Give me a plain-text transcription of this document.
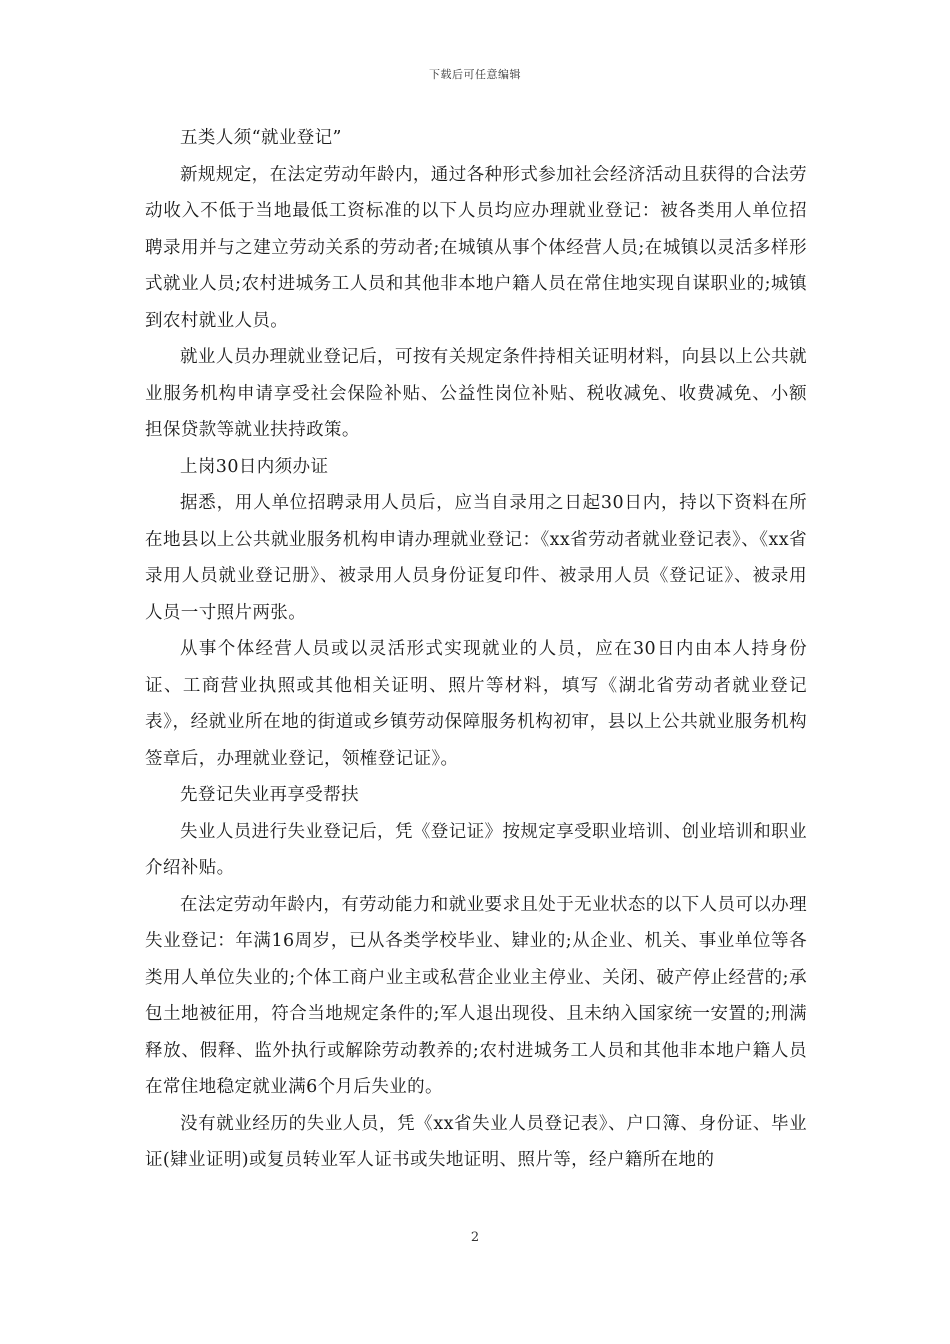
下载后可任意编辑

五类人须“就业登记”

新规规定，在法定劳动年龄内，通过各种形式参加社会经济活动且获得的合法劳动收入不低于当地最低工资标准的以下人员均应办理就业登记：被各类用人单位招聘录用并与之建立劳动关系的劳动者;在城镇从事个体经营人员;在城镇以灵活多样形式就业人员;农村进城务工人员和其他非本地户籍人员在常住地实现自谋职业的;城镇到农村就业人员。

就业人员办理就业登记后，可按有关规定条件持相关证明材料，向县以上公共就业服务机构申请享受社会保险补贴、公益性岗位补贴、税收减免、收费减免、小额担保贷款等就业扶持政策。

上岗30日内须办证

据悉，用人单位招聘录用人员后，应当自录用之日起30日内，持以下资料在所在地县以上公共就业服务机构申请办理就业登记：《xx省劳动者就业登记表》、《xx省录用人员就业登记册》、被录用人员身份证复印件、被录用人员《登记证》、被录用人员一寸照片两张。

从事个体经营人员或以灵活形式实现就业的人员，应在30日内由本人持身份证、工商营业执照或其他相关证明、照片等材料，填写《湖北省劳动者就业登记表》，经就业所在地的街道或乡镇劳动保障服务机构初审，县以上公共就业服务机构签章后，办理就业登记，领榷登记证》。

先登记失业再享受帮扶

失业人员进行失业登记后，凭《登记证》按规定享受职业培训、创业培训和职业介绍补贴。

在法定劳动年龄内，有劳动能力和就业要求且处于无业状态的以下人员可以办理失业登记：年满16周岁，已从各类学校毕业、肄业的;从企业、机关、事业单位等各类用人单位失业的;个体工商户业主或私营企业业主停业、关闭、破产停止经营的;承包土地被征用，符合当地规定条件的;军人退出现役、且未纳入国家统一安置的;刑满释放、假释、监外执行或解除劳动教养的;农村进城务工人员和其他非本地户籍人员在常住地稳定就业满6个月后失业的。

没有就业经历的失业人员，凭《xx省失业人员登记表》、户口簿、身份证、毕业证(肄业证明)或复员转业军人证书或失地证明、照片等，经户籍所在地的

2
